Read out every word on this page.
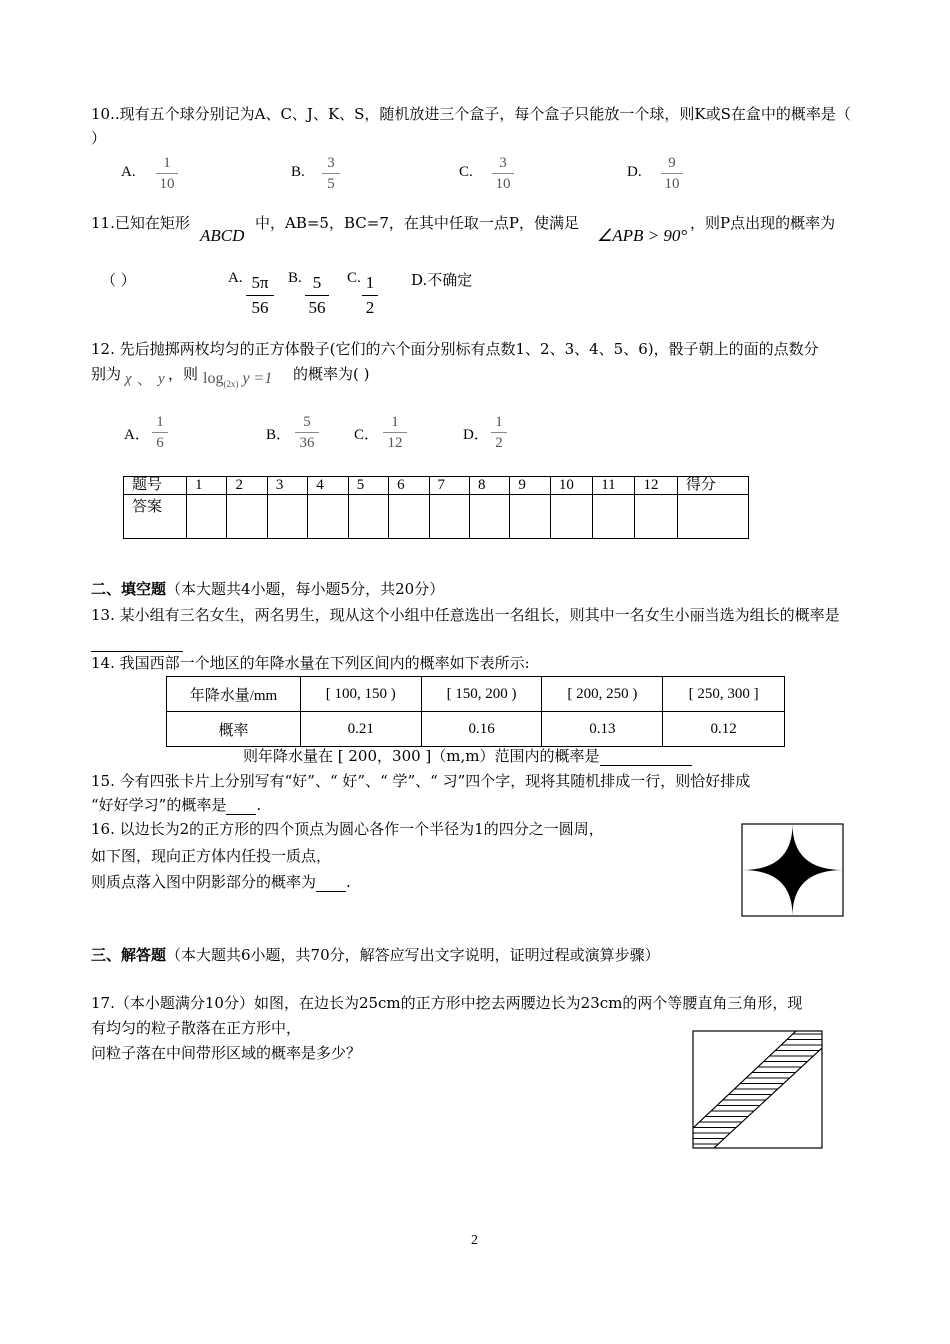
10..现有五个球分别记为A、C、J、K、S，随机放进三个盒子，每个盒子只能放一个球，则K或S在盒中的概率是（ ）
A.
1
10
B.
3
5
C.
3
10
D.
9
10
11.已知在矩形
ABCD
中，AB=5，BC=7，在其中任取一点P，使满足
∠APB > 90°
，则P点出现的概率为
（ ）	A. 5π
56
B. 5
56
C. 1
2
D.不确定
12. 先后抛掷两枚均匀的正方体骰子(它们的六个面分别标有点数1、2、3、4、5、6)，骰子朝上的面的点数分
别为 χ 、 y ，则 $\log_{(2x)} y =1$ 的概率为( )
A．
1
6	B．
5
36	C．
1
12	D．
1
2
题号	1	2	3	4	5	6	7	8	9	10	11	12	得分
答案													
二、填空题（本大题共4小题，每小题5分，共20分）
13. 某小组有三名女生，两名男生，现从这个小组中任意选出一名组长，则其中一名女生小丽当选为组长的概率是
14. 我国西部一个地区的年降水量在下列区间内的概率如下表所示:
年降水量/mm	[ 100, 150 )	[ 150, 200 )	[ 200, 250 )	[ 250, 300 ]
概率	0.21	0.16	0.13	0.12
则年降水量在 [ 200，300 ]（m,m）范围内的概率是
15. 今有四张卡片上分别写有“好”、“ 好”、“ 学”、“ 习”四个字，现将其随机排成一行，则恰好排成
“好好学习”的概率是 .
16. 以边长为2的正方形的四个顶点为圆心各作一个半径为1的四分之一圆周，
如下图，现向正方体内任投一质点，
则质点落入图中阴影部分的概率为 .
三、解答题（本大题共6小题，共70分，解答应写出文字说明，证明过程或演算步骤）
17.（本小题满分10分）如图，在边长为25cm的正方形中挖去两腰边长为23cm的两个等腰直角三角形，现
有均匀的粒子散落在正方形中，
问粒子落在中间带形区域的概率是多少？
2
